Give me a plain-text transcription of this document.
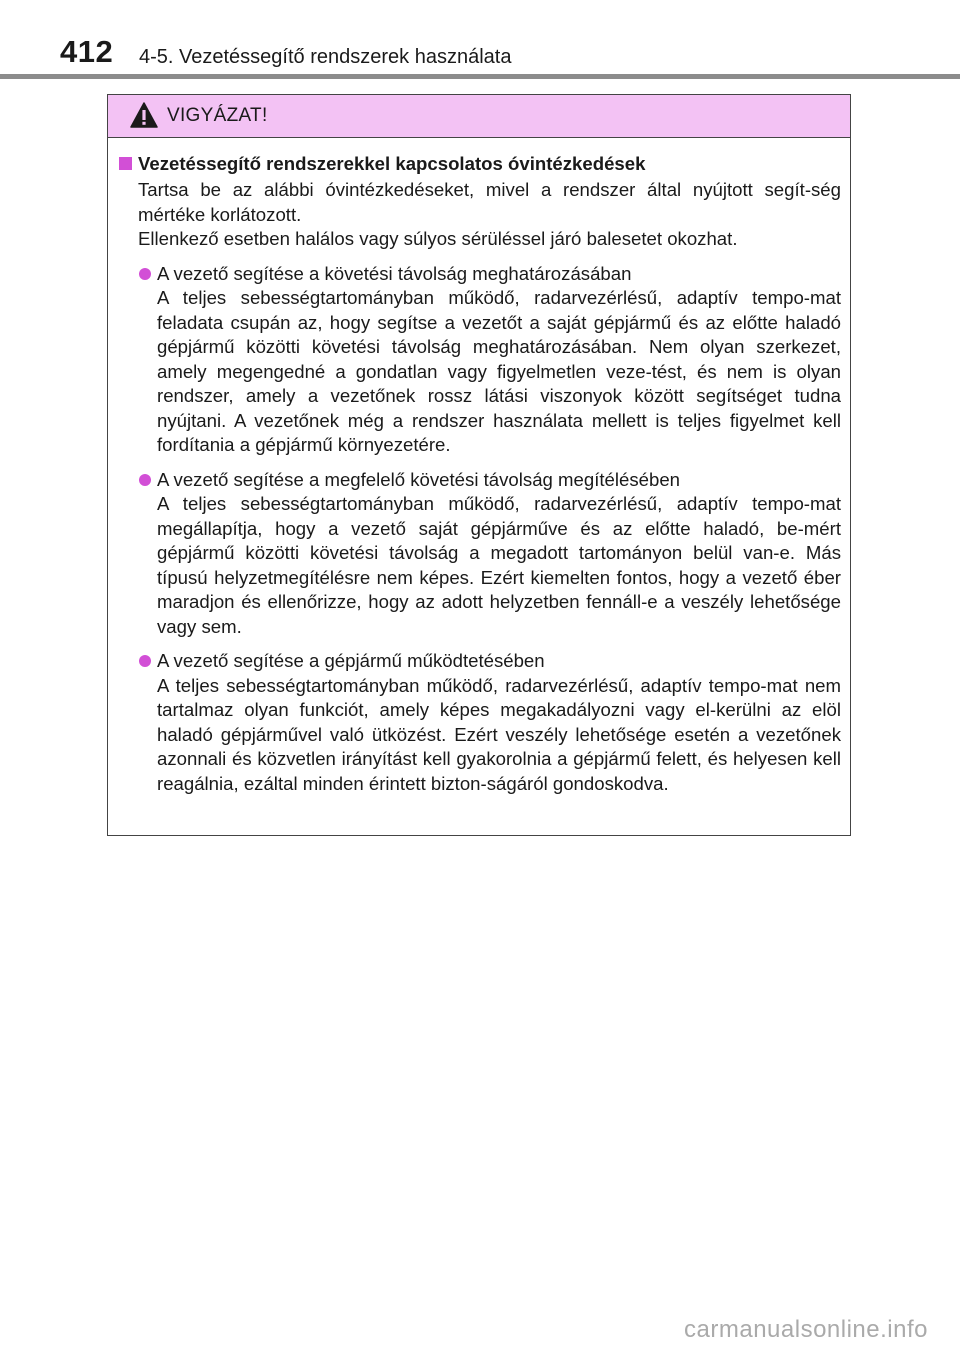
412 4-5. Vezetéssegítő rendszerek használata
VIGYÁZAT!
Vezetéssegítő rendszerekkel kapcsolatos óvintézkedések

Tartsa be az alábbi óvintézkedéseket, mivel a rendszer által nyújtott segít-ség mértéke korlátozott.

Ellenkező esetben halálos vagy súlyos sérüléssel járó balesetet okozhat.

A vezető segítése a követési távolság meghatározásában

A teljes sebességtartományban működő, radarvezérlésű, adaptív tempo-mat feladata csupán az, hogy segítse a vezetőt a saját gépjármű és az előtte haladó gépjármű közötti követési távolság meghatározásában. Nem olyan szerkezet, amely megengedné a gondatlan vagy figyelmetlen veze-tést, és nem is olyan rendszer, amely a vezetőnek rossz látási viszonyok között segítséget tudna nyújtani. A vezetőnek még a rendszer használata mellett is teljes figyelmet kell fordítania a gépjármű környezetére.

A vezető segítése a megfelelő követési távolság megítélésében

A teljes sebességtartományban működő, radarvezérlésű, adaptív tempo-mat megállapítja, hogy a vezető saját gépjárműve és az előtte haladó, be-mért gépjármű közötti követési távolság a megadott tartományon belül van-e. Más típusú helyzetmegítélésre nem képes. Ezért kiemelten fontos, hogy a vezető éber maradjon és ellenőrizze, hogy az adott helyzetben fennáll-e a veszély lehetősége vagy sem.

A vezető segítése a gépjármű működtetésében

A teljes sebességtartományban működő, radarvezérlésű, adaptív tempo-mat nem tartalmaz olyan funkciót, amely képes megakadályozni vagy el-kerülni az elöl haladó gépjárművel való ütközést. Ezért veszély lehetősége esetén a vezetőnek azonnali és közvetlen irányítást kell gyakorolnia a gépjármű felett, és helyesen kell reagálnia, ezáltal minden érintett bizton-ságáról gondoskodva.

carmanualsonline.info
